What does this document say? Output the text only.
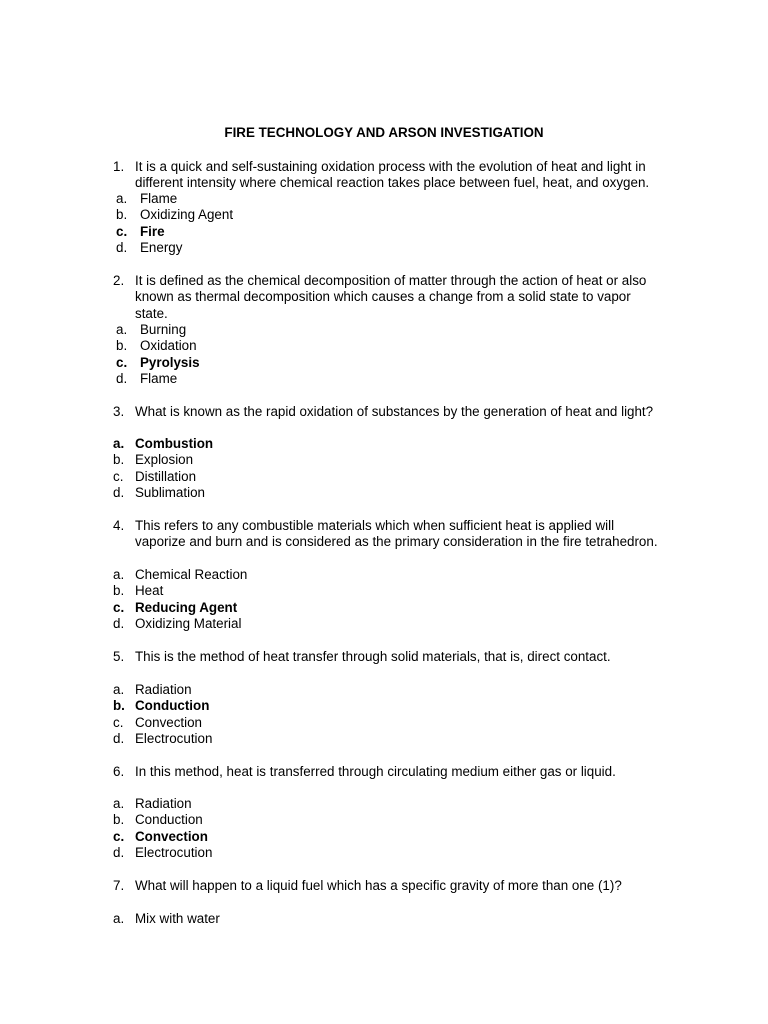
FIRE TECHNOLOGY AND ARSON INVESTIGATION
1. It is a quick and self-sustaining oxidation process with the evolution of heat and light in
different intensity where chemical reaction takes place between fuel, heat, and oxygen.
a. Flame
b. Oxidizing Agent
c. Fire
d. Energy
2. It is defined as the chemical decomposition of matter through the action of heat or also
known as thermal decomposition which causes a change from a solid state to vapor
state.
a. Burning
b. Oxidation
c. Pyrolysis
d. Flame
3. What is known as the rapid oxidation of substances by the generation of heat and light?
a. Combustion
b. Explosion
c. Distillation
d. Sublimation
4. This refers to any combustible materials which when sufficient heat is applied will
vaporize and burn and is considered as the primary consideration in the fire tetrahedron.
a. Chemical Reaction
b. Heat
c. Reducing Agent
d. Oxidizing Material
5. This is the method of heat transfer through solid materials, that is, direct contact.
a. Radiation
b. Conduction
c. Convection
d. Electrocution
6. In this method, heat is transferred through circulating medium either gas or liquid.
a. Radiation
b. Conduction
c. Convection
d. Electrocution
7. What will happen to a liquid fuel which has a specific gravity of more than one (1)?
a. Mix with water
